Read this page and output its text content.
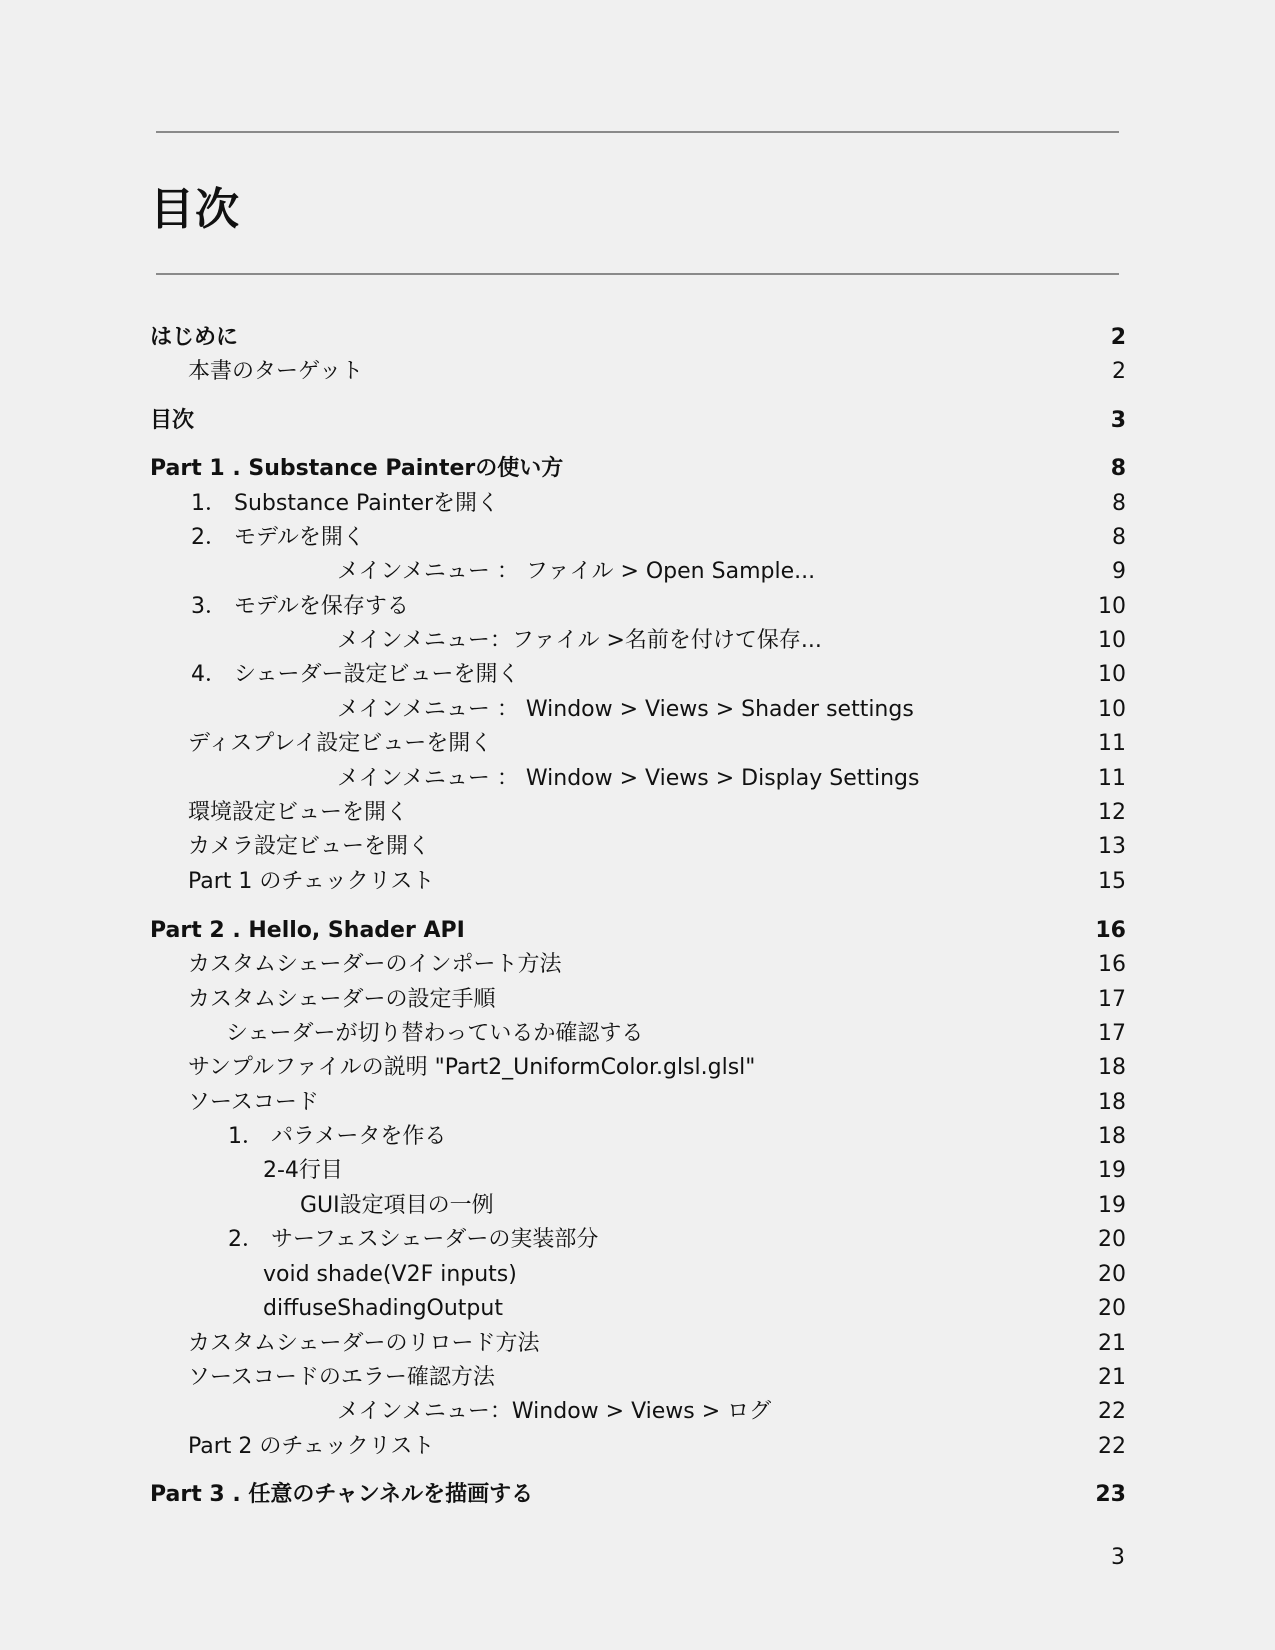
目次
はじめに	2
本書のターゲット	2
目次	3
Part 1 . Substance Painterの使い方	8
1． Substance Painterを開く	8
2． モデルを開く	8
メインメニュー ： ファイル > Open Sample...	9
3． モデルを保存する	10
メインメニュー：ファイル >名前を付けて保存...	10
4． シェーダー設定ビューを開く	10
メインメニュー ： Window > Views > Shader settings	10
ディスプレイ設定ビューを開く	11
メインメニュー ： Window > Views > Display Settings	11
環境設定ビューを開く	12
カメラ設定ビューを開く	13
Part 1 のチェックリスト	15
Part 2 . Hello, Shader API	16
カスタムシェーダーのインポート方法	16
カスタムシェーダーの設定手順	17
シェーダーが切り替わっているか確認する	17
サンプルファイルの説明 "Part2_UniformColor.glsl.glsl"	18
ソースコード	18
1． パラメータを作る	18
2-4行目	19
GUI設定項目の一例	19
2． サーフェスシェーダーの実装部分	20
void shade(V2F inputs)	20
diffuseShadingOutput	20
カスタムシェーダーのリロード方法	21
ソースコードのエラー確認方法	21
メインメニュー：Window > Views > ログ	22
Part 2 のチェックリスト	22
Part 3 . 任意のチャンネルを描画する	23
3
